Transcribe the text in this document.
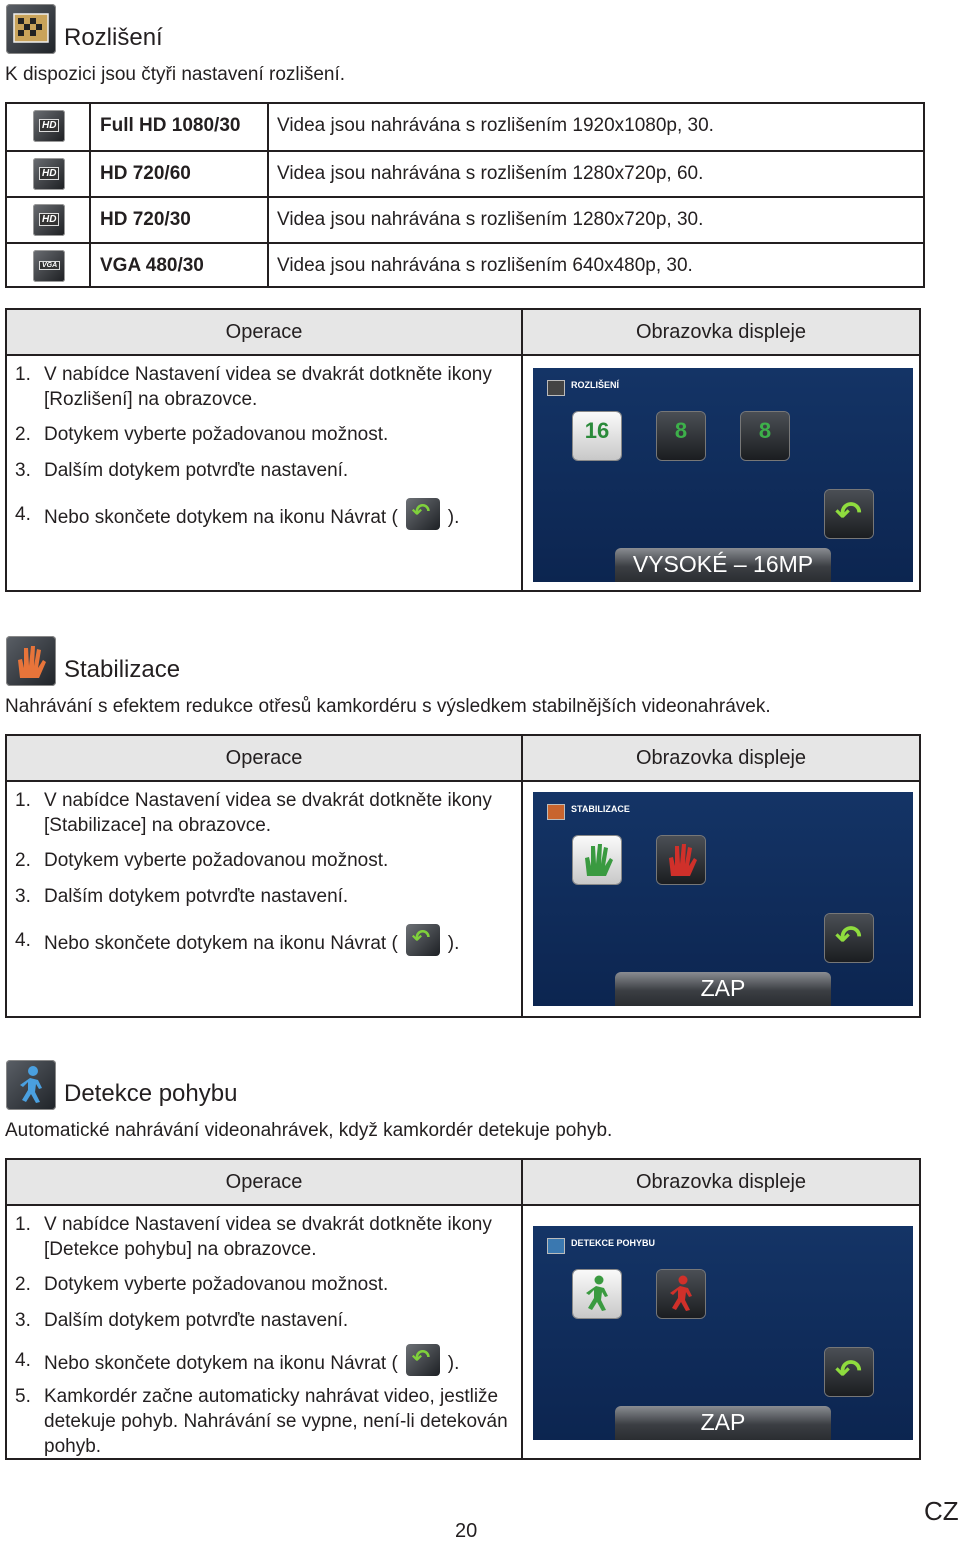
Rozlišení
K dispozici jsou čtyři nastavení rozlišení.
HD	Full HD 1080/30	Videa jsou nahrávána s rozlišením 1920x1080p, 30.
HD	HD 720/60	Videa jsou nahrávána s rozlišením 1280x720p, 60.
HD	HD 720/30	Videa jsou nahrávána s rozlišením 1280x720p, 30.
VGA	VGA 480/30	Videa jsou nahrávána s rozlišením 640x480p, 30.
Operace	Obrazovka displeje
1. V nabídce Nastavení videa se dvakrát dotkněte ikony [Rozlišení] na obrazovce.
2. Dotykem vyberte požadovanou možnost.
3. Dalším dotykem potvrďte nastavení.
4. Nebo skončete dotykem na ikonu Návrat ( ↶	).
ROZLIŠENÍ
16	8	8
↶
VYSOKÉ – 16MP
Stabilizace
Nahrávání s efektem redukce otřesů kamkordéru s výsledkem stabilnějších videonahrávek.
Operace	Obrazovka displeje
1. V nabídce Nastavení videa se dvakrát dotkněte ikony [Stabilizace] na obrazovce.
2. Dotykem vyberte požadovanou možnost.
3. Dalším dotykem potvrďte nastavení.
4. Nebo skončete dotykem na ikonu Návrat ( ↶	).
STABILIZACE
↶
ZAP
Detekce pohybu
Automatické nahrávání videonahrávek, když kamkordér detekuje pohyb.
Operace	Obrazovka displeje
1. V nabídce Nastavení videa se dvakrát dotkněte ikony [Detekce pohybu] na obrazovce.
2. Dotykem vyberte požadovanou možnost.
3. Dalším dotykem potvrďte nastavení.
4. Nebo skončete dotykem na ikonu Návrat ( ↶	).
5. Kamkordér začne automaticky nahrávat video, jestliže detekuje pohyb. Nahrávání se vypne, není-li detekován pohyb.
DETEKCE POHYBU
↶
ZAP
20
CZ
